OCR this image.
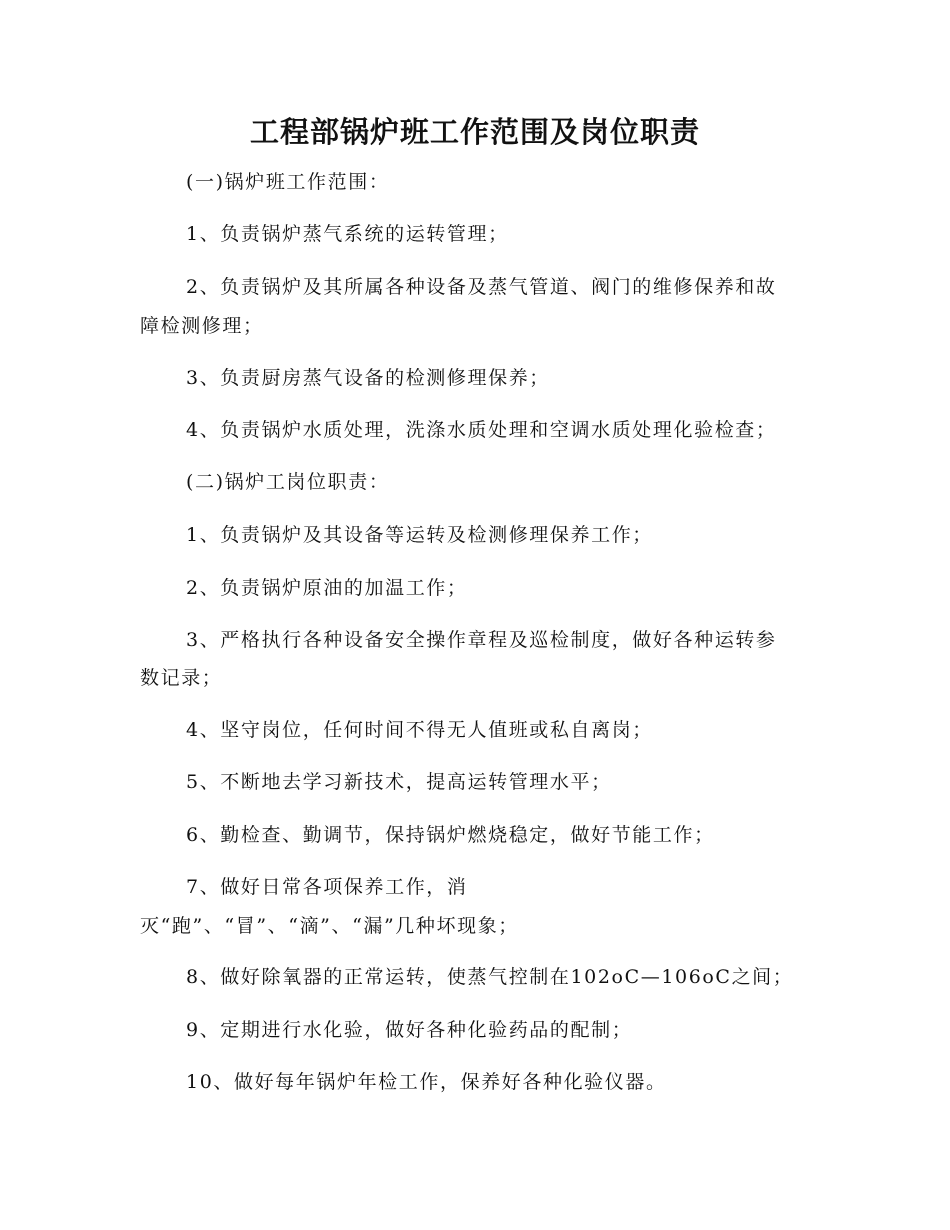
工程部锅炉班工作范围及岗位职责
(一)锅炉班工作范围：
1、负责锅炉蒸气系统的运转管理；
2、负责锅炉及其所属各种设备及蒸气管道、阀门的维修保养和故
障检测修理；
3、负责厨房蒸气设备的检测修理保养；
4、负责锅炉水质处理，洗涤水质处理和空调水质处理化验检查；
(二)锅炉工岗位职责：
1、负责锅炉及其设备等运转及检测修理保养工作；
2、负责锅炉原油的加温工作；
3、严格执行各种设备安全操作章程及巡检制度，做好各种运转参
数记录；
4、坚守岗位，任何时间不得无人值班或私自离岗；
5、不断地去学习新技术，提高运转管理水平；
6、勤检查、勤调节，保持锅炉燃烧稳定，做好节能工作；
7、做好日常各项保养工作，消
灭“跑”、“冒”、“滴”、“漏”几种坏现象；
8、做好除氧器的正常运转，使蒸气控制在102oC—106oC之间；
9、定期进行水化验，做好各种化验药品的配制；
10、做好每年锅炉年检工作，保养好各种化验仪器。
